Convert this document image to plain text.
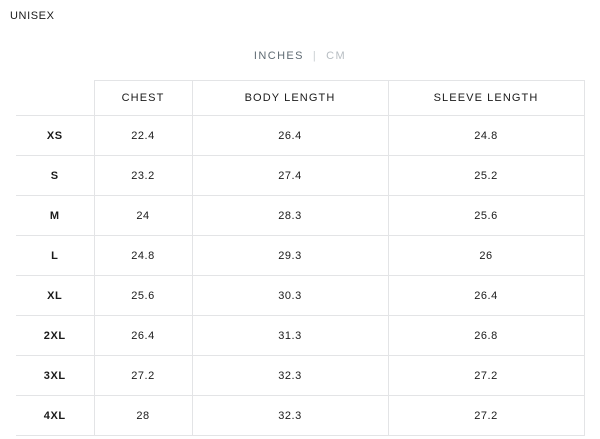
UNISEX
INCHES | CM
	CHEST	BODY LENGTH	SLEEVE LENGTH
XS	22.4	26.4	24.8
S	23.2	27.4	25.2
M	24	28.3	25.6
L	24.8	29.3	26
XL	25.6	30.3	26.4
2XL	26.4	31.3	26.8
3XL	27.2	32.3	27.2
4XL	28	32.3	27.2
